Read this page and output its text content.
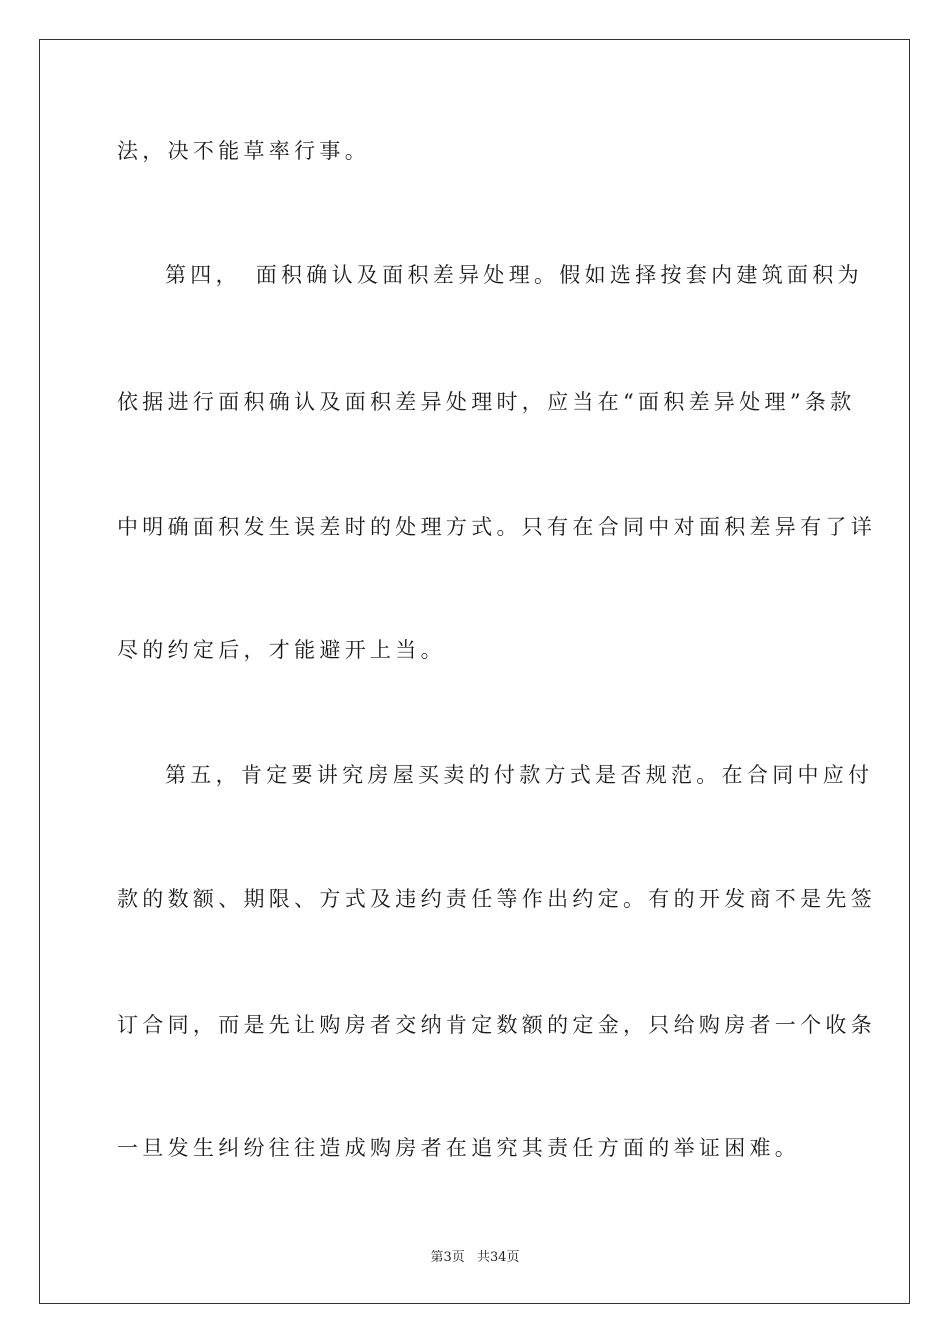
法，决不能草率行事。
第四，　面积确认及面积差异处理。假如选择按套内建筑面积为
依据进行面积确认及面积差异处理时，应当在“面积差异处理”条款
中明确面积发生误差时的处理方式。只有在合同中对面积差异有了详
尽的约定后，才能避开上当。
第五，肯定要讲究房屋买卖的付款方式是否规范。在合同中应付
款的数额、期限、方式及违约责任等作出约定。有的开发商不是先签
订合同，而是先让购房者交纳肯定数额的定金，只给购房者一个收条
一旦发生纠纷往往造成购房者在追究其责任方面的举证困难。
第3页 共34页
